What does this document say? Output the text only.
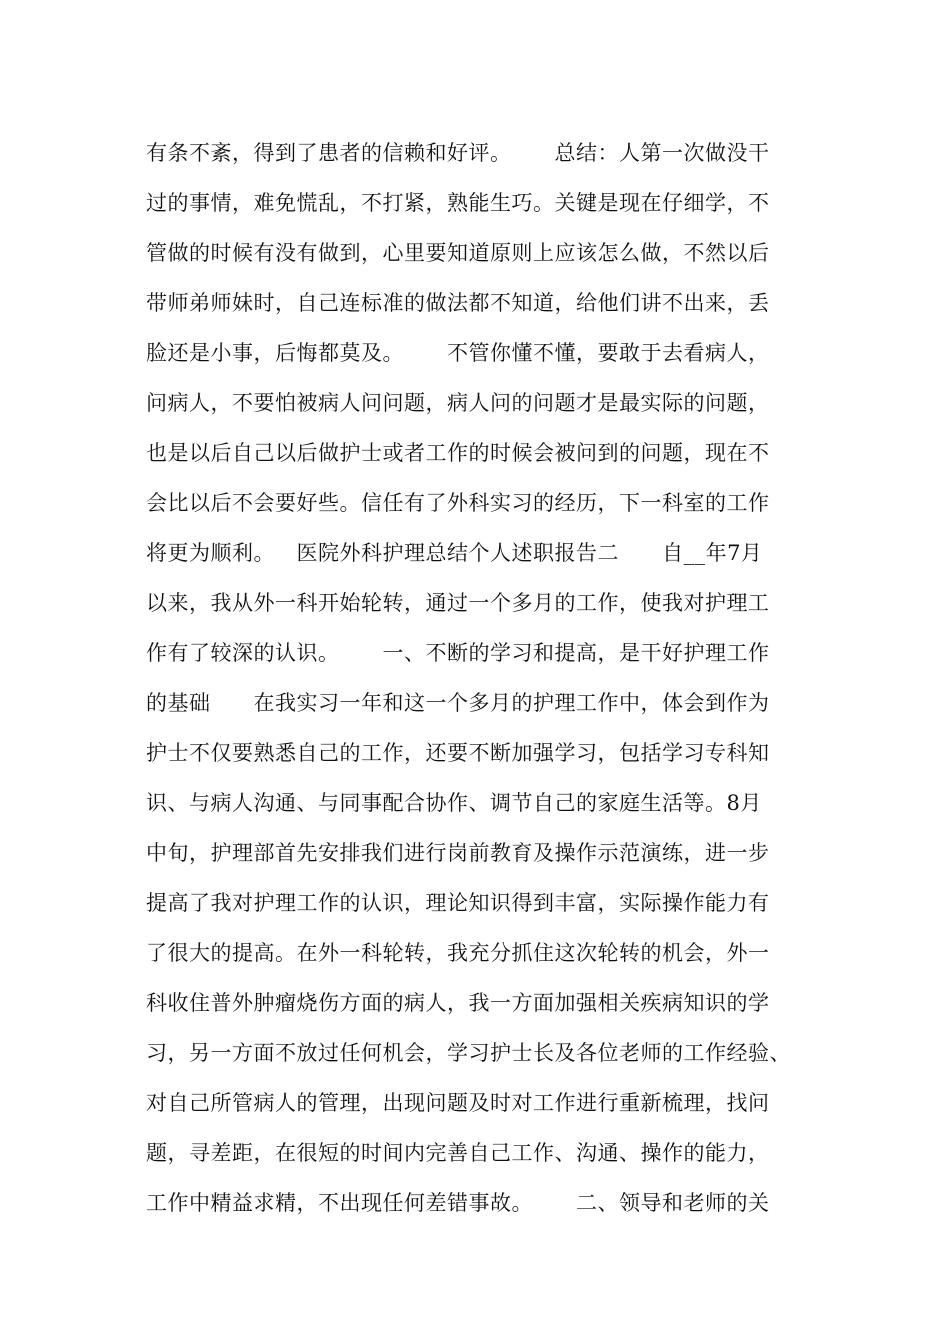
有条不紊，得到了患者的信赖和好评。      总结：人第一次做没干
过的事情，难免慌乱，不打紧，熟能生巧。关键是现在仔细学，不
管做的时候有没有做到，心里要知道原则上应该怎么做，不然以后
带师弟师妹时，自己连标准的做法都不知道，给他们讲不出来，丢
脸还是小事，后悔都莫及。      不管你懂不懂，要敢于去看病人，
问病人，不要怕被病人问问题，病人问的问题才是最实际的问题，
也是以后自己以后做护士或者工作的时候会被问到的问题，现在不
会比以后不会要好些。信任有了外科实习的经历，下一科室的工作
将更为顺利。   医院外科护理总结个人述职报告二      自__年7月
以来，我从外一科开始轮转，通过一个多月的工作，使我对护理工
作有了较深的认识。      一、不断的学习和提高，是干好护理工作
的基础      在我实习一年和这一个多月的护理工作中，体会到作为
护士不仅要熟悉自己的工作，还要不断加强学习，包括学习专科知
识、与病人沟通、与同事配合协作、调节自己的家庭生活等。8月
中旬，护理部首先安排我们进行岗前教育及操作示范演练，进一步
提高了我对护理工作的认识，理论知识得到丰富，实际操作能力有
了很大的提高。在外一科轮转，我充分抓住这次轮转的机会，外一
科收住普外肿瘤烧伤方面的病人，我一方面加强相关疾病知识的学
习，另一方面不放过任何机会，学习护士长及各位老师的工作经验、
对自己所管病人的管理，出现问题及时对工作进行重新梳理，找问
题，寻差距，在很短的时间内完善自己工作、沟通、操作的能力，
工作中精益求精，不出现任何差错事故。      二、领导和老师的关
